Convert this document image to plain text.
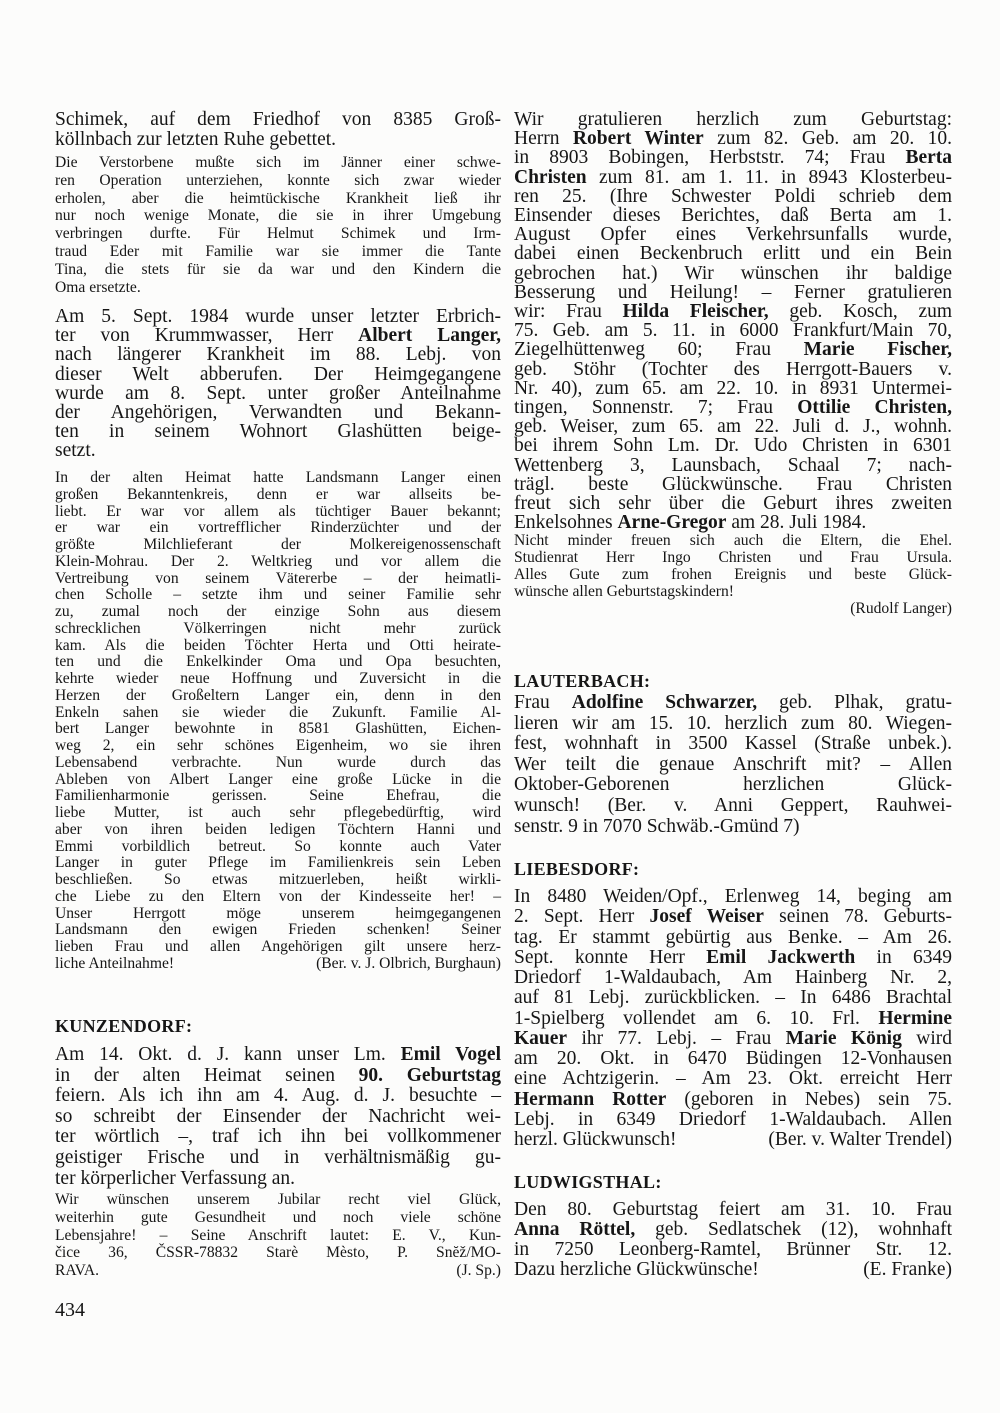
Schimek, auf dem Friedhof von 8385 Groß-
köllnbach zur letzten Ruhe gebettet.
Die Verstorbene mußte sich im Jänner einer schwe-
ren Operation unterziehen, konnte sich zwar wieder
erholen, aber die heimtückische Krankheit ließ ihr
nur noch wenige Monate, die sie in ihrer Umgebung
verbringen durfte. Für Helmut Schimek und Irm-
traud Eder mit Familie war sie immer die Tante
Tina, die stets für sie da war und den Kindern die
Oma ersetzte.
Am 5. Sept. 1984 wurde unser letzter Erbrich-
ter von Krummwasser, Herr Albert Langer,
nach längerer Krankheit im 88. Lebj. von
dieser Welt abberufen. Der Heimgegangene
wurde am 8. Sept. unter großer Anteilnahme
der Angehörigen, Verwandten und Bekann-
ten in seinem Wohnort Glashütten beige-
setzt.
In der alten Heimat hatte Landsmann Langer einen
großen Bekanntenkreis, denn er war allseits be-
liebt. Er war vor allem als tüchtiger Bauer bekannt;
er war ein vortrefflicher Rinderzüchter und der
größte Milchlieferant der Molkereigenossenschaft
Klein-Mohrau. Der 2. Weltkrieg und vor allem die
Vertreibung von seinem Vätererbe – der heimatli-
chen Scholle – setzte ihm und seiner Familie sehr
zu, zumal noch der einzige Sohn aus diesem
schrecklichen Völkerringen nicht mehr zurück
kam. Als die beiden Töchter Herta und Otti heirate-
ten und die Enkelkinder Oma und Opa besuchten,
kehrte wieder neue Hoffnung und Zuversicht in die
Herzen der Großeltern Langer ein, denn in den
Enkeln sahen sie wieder die Zukunft. Familie Al-
bert Langer bewohnte in 8581 Glashütten, Eichen-
weg 2, ein sehr schönes Eigenheim, wo sie ihren
Lebensabend verbrachte. Nun wurde durch das
Ableben von Albert Langer eine große Lücke in die
Familienharmonie gerissen. Seine Ehefrau, die
liebe Mutter, ist auch sehr pflegebedürftig, wird
aber von ihren beiden ledigen Töchtern Hanni und
Emmi vorbildlich betreut. So konnte auch Vater
Langer in guter Pflege im Familienkreis sein Leben
beschließen. So etwas mitzuerleben, heißt wirkli-
che Liebe zu den Eltern von der Kindesseite her! –
Unser Herrgott möge unserem heimgegangenen
Landsmann den ewigen Frieden schenken! Seiner
lieben Frau und allen Angehörigen gilt unsere herz-
liche Anteilnahme!	(Ber. v. J. Olbrich, Burghaun)
KUNZENDORF:
Am 14. Okt. d. J. kann unser Lm. Emil Vogel
in der alten Heimat seinen 90. Geburtstag
feiern. Als ich ihn am 4. Aug. d. J. besuchte –
so schreibt der Einsender der Nachricht wei-
ter wörtlich –, traf ich ihn bei vollkommener
geistiger Frische und in verhältnismäßig gu-
ter körperlicher Verfassung an.
Wir wünschen unserem Jubilar recht viel Glück,
weiterhin gute Gesundheit und noch viele schöne
Lebensjahre! – Seine Anschrift lautet: E. V., Kun-
čice 36, ČSSR-78832 Starè Mèsto, P. Snĕž/MO-
RAVA.	(J. Sp.)
434
Wir gratulieren herzlich zum Geburtstag:
Herrn Robert Winter zum 82. Geb. am 20. 10.
in 8903 Bobingen, Herbststr. 74; Frau Berta
Christen zum 81. am 1. 11. in 8943 Klosterbeu-
ren 25. (Ihre Schwester Poldi schrieb dem
Einsender dieses Berichtes, daß Berta am 1.
August Opfer eines Verkehrsunfalls wurde,
dabei einen Beckenbruch erlitt und ein Bein
gebrochen hat.) Wir wünschen ihr baldige
Besserung und Heilung! – Ferner gratulieren
wir: Frau Hilda Fleischer, geb. Kosch, zum
75. Geb. am 5. 11. in 6000 Frankfurt/Main 70,
Ziegelhüttenweg 60; Frau Marie Fischer,
geb. Stöhr (Tochter des Herrgott-Bauers v.
Nr. 40), zum 65. am 22. 10. in 8931 Untermei-
tingen, Sonnenstr. 7; Frau Ottilie Christen,
geb. Weiser, zum 65. am 22. Juli d. J., wohnh.
bei ihrem Sohn Lm. Dr. Udo Christen in 6301
Wettenberg 3, Launsbach, Schaal 7; nach-
trägl. beste Glückwünsche. Frau Christen
freut sich sehr über die Geburt ihres zweiten
Enkelsohnes Arne-Gregor am 28. Juli 1984.
Nicht minder freuen sich auch die Eltern, die Ehel.
Studienrat Herr Ingo Christen und Frau Ursula.
Alles Gute zum frohen Ereignis und beste Glück-
wünsche allen Geburtstagskindern!
(Rudolf Langer)
LAUTERBACH:
Frau Adolfine Schwarzer, geb. Plhak, gratu-
lieren wir am 15. 10. herzlich zum 80. Wiegen-
fest, wohnhaft in 3500 Kassel (Straße unbek.).
Wer teilt die genaue Anschrift mit? – Allen
Oktober-Geborenen herzlichen Glück-
wunsch! (Ber. v. Anni Geppert, Rauhwei-
senstr. 9 in 7070 Schwäb.-Gmünd 7)
LIEBESDORF:
In 8480 Weiden/Opf., Erlenweg 14, beging am
2. Sept. Herr Josef Weiser seinen 78. Geburts-
tag. Er stammt gebürtig aus Benke. – Am 26.
Sept. konnte Herr Emil Jackwerth in 6349
Driedorf 1-Waldaubach, Am Hainberg Nr. 2,
auf 81 Lebj. zurückblicken. – In 6486 Brachtal
1-Spielberg vollendet am 6. 10. Frl. Hermine
Kauer ihr 77. Lebj. – Frau Marie König wird
am 20. Okt. in 6470 Büdingen 12-Vonhausen
eine Achtzigerin. – Am 23. Okt. erreicht Herr
Hermann Rotter (geboren in Nebes) sein 75.
Lebj. in 6349 Driedorf 1-Waldaubach. Allen
herzl. Glückwunsch!	(Ber. v. Walter Trendel)
LUDWIGSTHAL:
Den 80. Geburtstag feiert am 31. 10. Frau
Anna Röttel, geb. Sedlatschek (12), wohnhaft
in 7250 Leonberg-Ramtel, Brünner Str. 12.
Dazu herzliche Glückwünsche!	(E. Franke)
